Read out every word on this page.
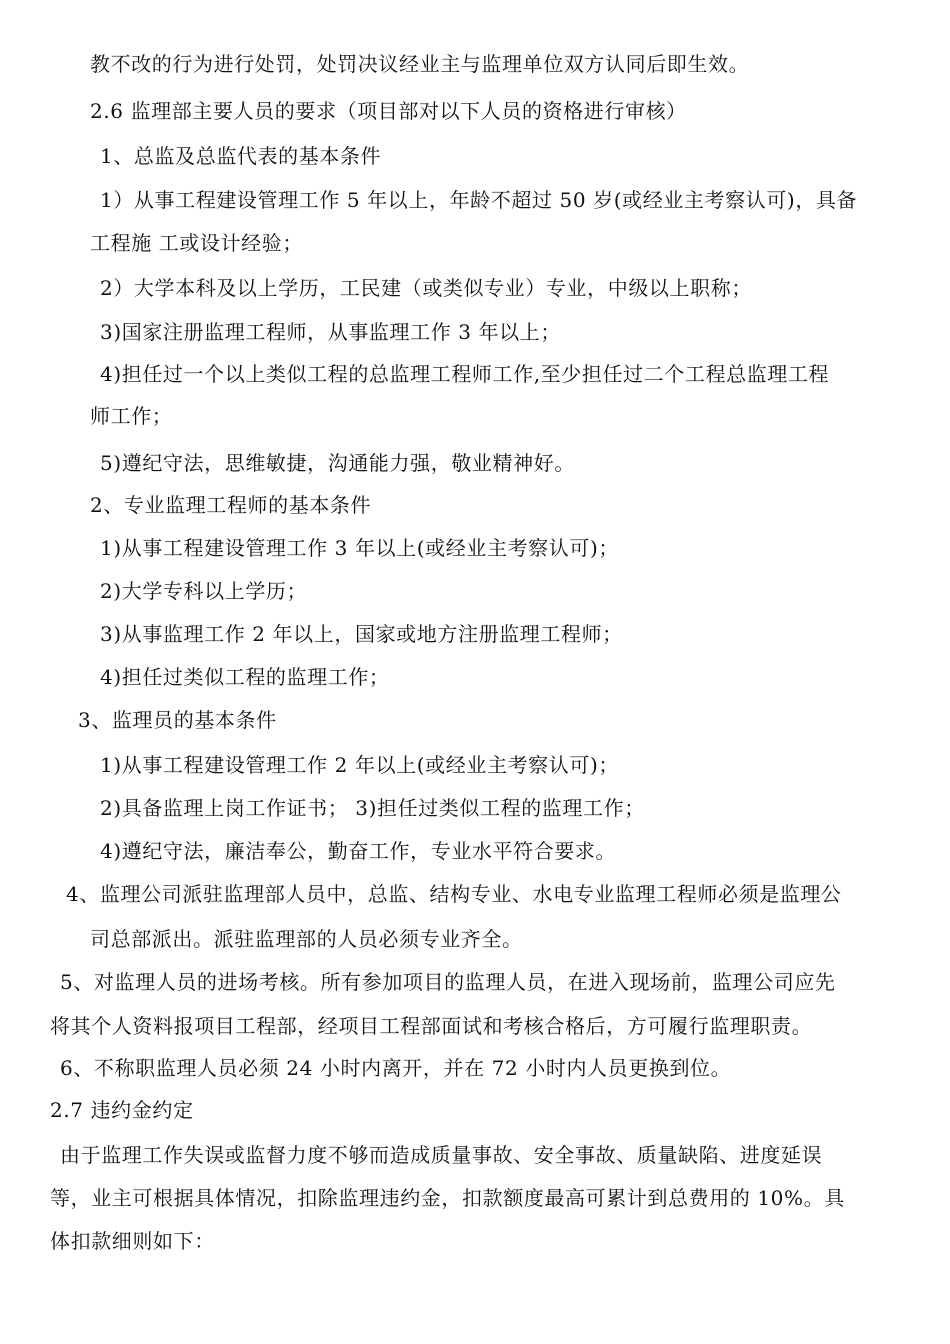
教不改的行为进行处罚，处罚决议经业主与监理单位双方认同后即生效。
2.6 监理部主要人员的要求（项目部对以下人员的资格进行审核）
1、总监及总监代表的基本条件
1）从事工程建设管理工作 5 年以上，年龄不超过 50 岁(或经业主考察认可)，具备
工程施 工或设计经验；
2）大学本科及以上学历，工民建（或类似专业）专业，中级以上职称；
3)国家注册监理工程师，从事监理工作 3 年以上；
4)担任过一个以上类似工程的总监理工程师工作,至少担任过二个工程总监理工程
师工作；
5)遵纪守法，思维敏捷，沟通能力强，敬业精神好。
2、专业监理工程师的基本条件
1)从事工程建设管理工作 3 年以上(或经业主考察认可)；
2)大学专科以上学历；
3)从事监理工作 2 年以上，国家或地方注册监理工程师；
4)担任过类似工程的监理工作；
3、监理员的基本条件
1)从事工程建设管理工作 2 年以上(或经业主考察认可)；
2)具备监理上岗工作证书； 3)担任过类似工程的监理工作；
4)遵纪守法，廉洁奉公，勤奋工作，专业水平符合要求。
4、监理公司派驻监理部人员中，总监、结构专业、水电专业监理工程师必须是监理公
司总部派出。派驻监理部的人员必须专业齐全。
5、对监理人员的进场考核。所有参加项目的监理人员，在进入现场前，监理公司应先
将其个人资料报项目工程部，经项目工程部面试和考核合格后，方可履行监理职责。
6、不称职监理人员必须 24 小时内离开，并在 72 小时内人员更换到位。
2.7 违约金约定
由于监理工作失误或监督力度不够而造成质量事故、安全事故、质量缺陷、进度延误
等，业主可根据具体情况，扣除监理违约金，扣款额度最高可累计到总费用的 10%。具
体扣款细则如下：
